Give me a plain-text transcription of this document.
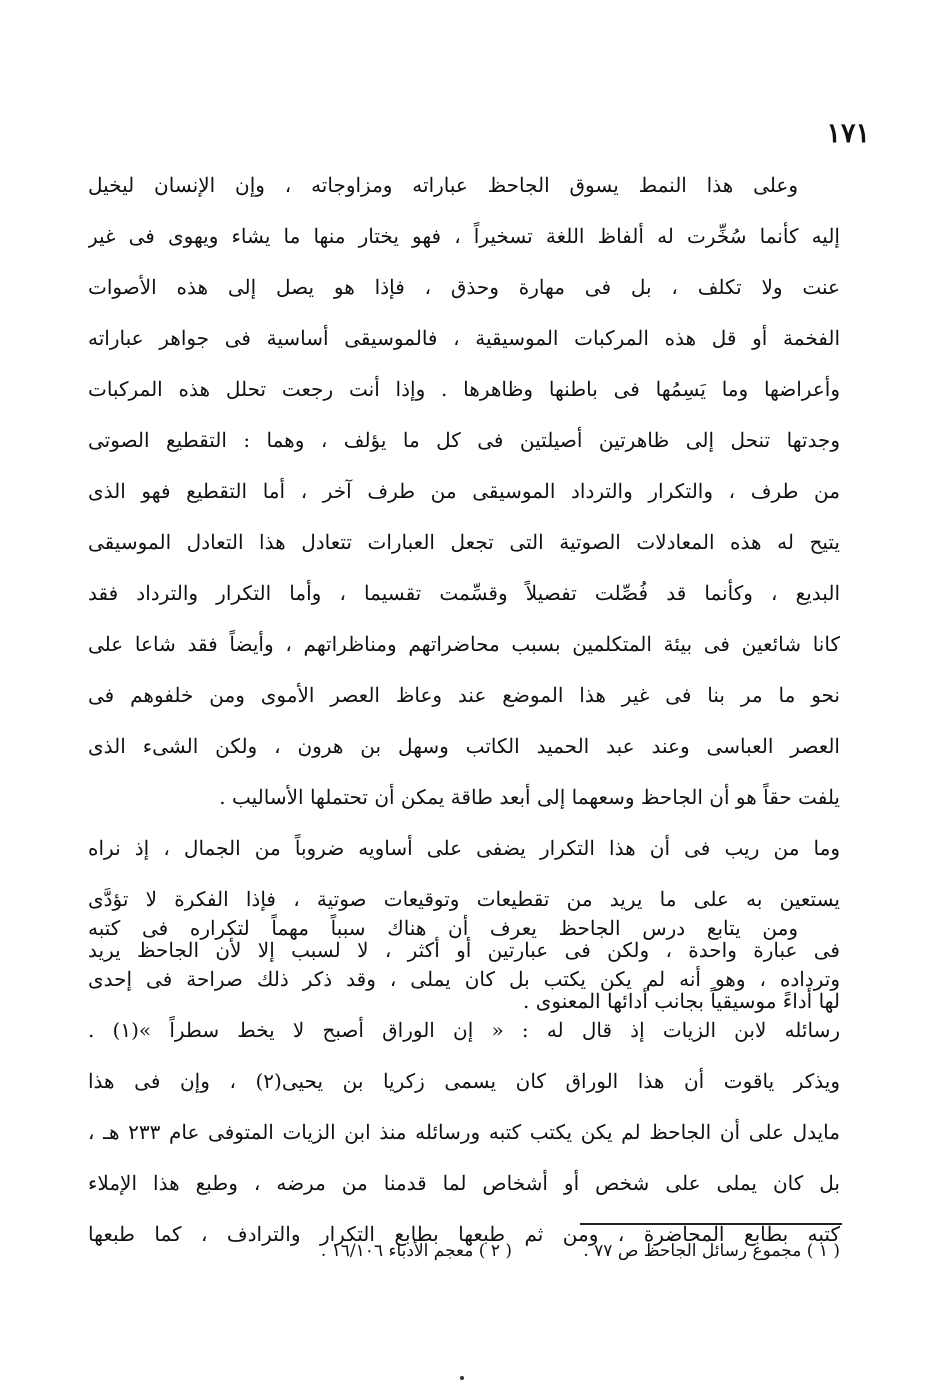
١٧١
وعلى هذا النمط يسوق الجاحظ عباراته ومزاوجاته ، وإن الإنسان ليخيل
إليه كأنما سُخِّرت له ألفاظ اللغة تسخيراً ، فهو يختار منها ما يشاء ويهوى فى غير
عنت ولا تكلف ، بل فى مهارة وحذق ، فإذا هو يصل إلى هذه الأصوات
الفخمة أو قل هذه المركبات الموسيقية ، فالموسيقى أساسية فى جواهر عباراته
وأعراضها وما يَسِمُها فى باطنها وظاهرها . وإذا أنت رجعت تحلل هذه المركبات
وجدتها تنحل إلى ظاهرتين أصيلتين فى كل ما يؤلف ، وهما : التقطيع الصوتى
من طرف ، والتكرار والترداد الموسيقى من طرف آخر ، أما التقطيع فهو الذى
يتيح له هذه المعادلات الصوتية التى تجعل العبارات تتعادل هذا التعادل الموسيقى
البديع ، وكأنما قد فُصِّلت تفصيلاً وقسِّمت تقسيما ، وأما التكرار والترداد فقد
كانا شائعين فى بيئة المتكلمين بسبب محاضراتهم ومناظراتهم ، وأيضاً فقد شاعا على
نحو ما مر بنا فى غير هذا الموضع عند وعاظ العصر الأموى ومن خلفوهم فى
العصر العباسى وعند عبد الحميد الكاتب وسهل بن هرون ، ولكن الشىء الذى
يلفت حقاً هو أن الجاحظ وسعهما إلى أبعد طاقة يمكن أن تحتملها الأساليب .
وما من ريب فى أن هذا التكرار يضفى على أساويه ضروباً من الجمال ، إذ نراه
يستعين به على ما يريد من تقطيعات وتوقيعات صوتية ، فإذا الفكرة لا تؤدَّى
فى عبارة واحدة ، ولكن فى عبارتين أو أكثر ، لا لسبب إلا لأن الجاحظ يريد
لها أداءً موسيقياً بجانب أدائها المعنوى .
ومن يتابع درس الجاحظ يعرف أن هناك سبباً مهماً لتكراره فى كتبه
وترداده ، وهو أنه لم يكن يكتب بل كان يملى ، وقد ذكر ذلك صراحة فى إحدى
رسائله لابن الزيات إذ قال له : « إن الوراق أصبح لا يخط سطراً »(١) .
ويذكر ياقوت أن هذا الوراق كان يسمى زكريا بن يحيى(٢) ، وإن فى هذا
مايدل على أن الجاحظ لم يكن يكتب كتبه ورسائله منذ ابن الزيات المتوفى عام ٢٣٣ هـ ،
بل كان يملى على شخص أو أشخاص لما قدمنا من مرضه ، وطبع هذا الإملاء
كتبه بطابع المحاضرة ، ومن ثم طبعها بطابع التكرار والترادف ، كما طبعها
( ١ ) مجموع رسائل الجاحظ ص ٧٧ .
( ٢ ) معجم الأدباء ١٦/١٠٦ .
